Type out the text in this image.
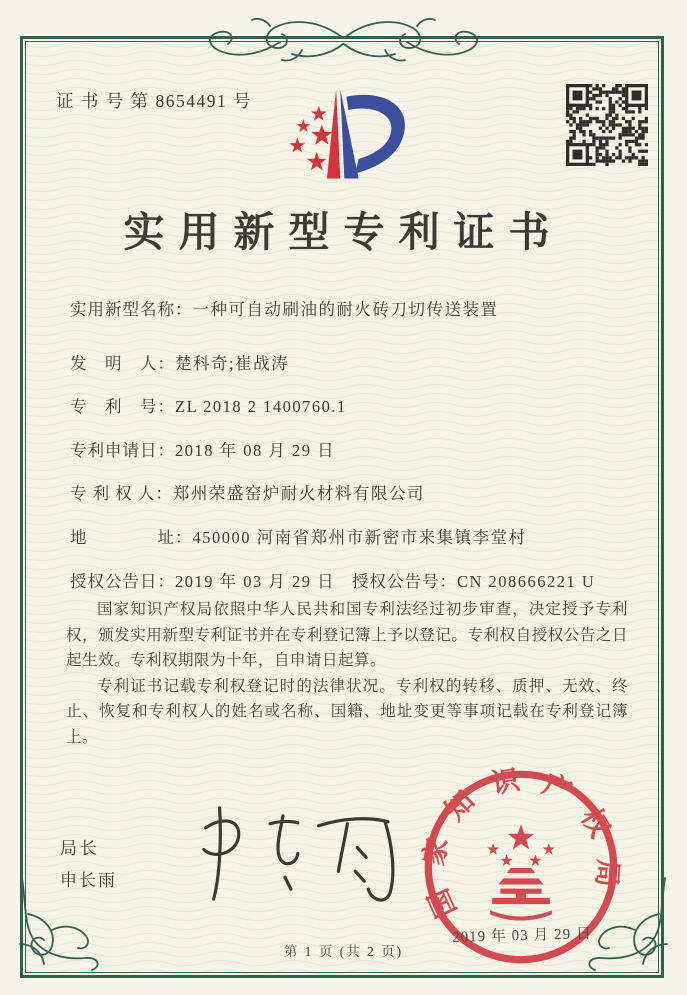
证 书 号 第 8654491 号
实用新型专利证书
实用新型名称：一种可自动刷油的耐火砖刀切传送装置
发　明　人：楚科奇;崔战涛
专　利　号：ZL 2018 2 1400760.1
专利申请日：2018 年 08 月 29 日
专 利 权 人：郑州荣盛窑炉耐火材料有限公司
地　　　　址：450000 河南省郑州市新密市来集镇李堂村
授权公告日：2019 年 03 月 29 日 授权公告号：CN 208666221 U

国家知识产权局依照中华人民共和国专利法经过初步审查，决定授予专利权，颁发实用新型专利证书并在专利登记簿上予以登记。专利权自授权公告之日起生效。专利权期限为十年，自申请日起算。

专利证书记载专利权登记时的法律状况。专利权的转移、质押、无效、终止、恢复和专利权人的姓名或名称、国籍、地址变更等事项记载在专利登记簿上。

局长
申长雨
国家知识产权局
2019 年 03 月 29 日
第 1 页 (共 2 页)
